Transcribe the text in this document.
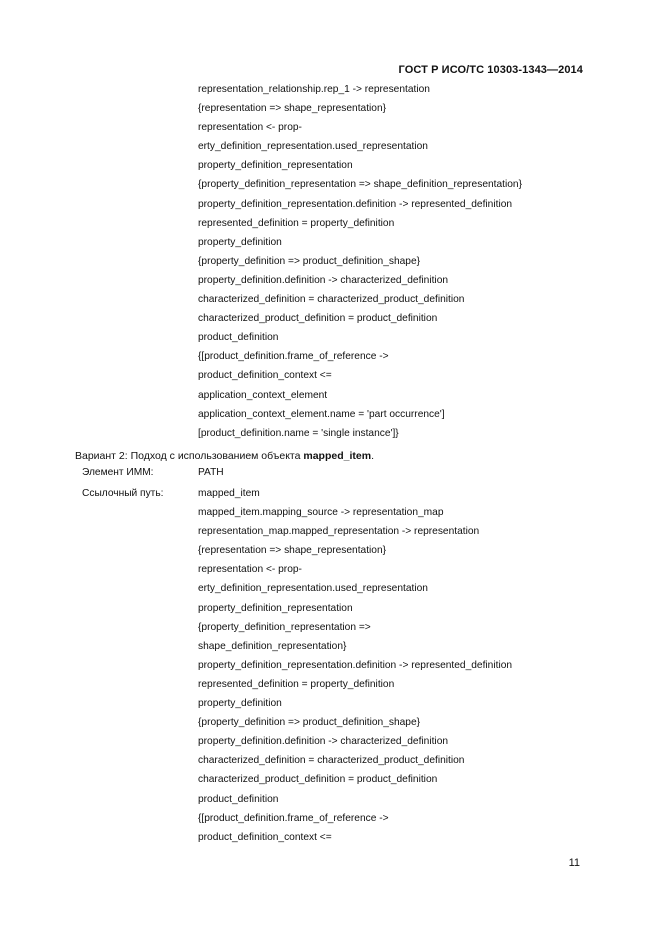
ГОСТ Р ИСО/ТС 10303-1343—2014
representation_relationship.rep_1 -> representation
{representation => shape_representation}
representation <- prop-
erty_definition_representation.used_representation
property_definition_representation
{property_definition_representation => shape_definition_representation}
property_definition_representation.definition -> represented_definition
represented_definition = property_definition
property_definition
{property_definition => product_definition_shape}
property_definition.definition -> characterized_definition
characterized_definition = characterized_product_definition
characterized_product_definition = product_definition
product_definition
{[product_definition.frame_of_reference ->
product_definition_context <=
application_context_element
application_context_element.name = 'part occurrence']
[product_definition.name = 'single instance']}
Вариант 2: Подход с использованием объекта mapped_item.
Элемент ИММ:	PATH
Ссылочный путь:	mapped_item
mapped_item.mapping_source -> representation_map
representation_map.mapped_representation -> representation
{representation => shape_representation}
representation <- prop-
erty_definition_representation.used_representation
property_definition_representation
{property_definition_representation =>
shape_definition_representation}
property_definition_representation.definition -> represented_definition
represented_definition = property_definition
property_definition
{property_definition => product_definition_shape}
property_definition.definition -> characterized_definition
characterized_definition = characterized_product_definition
characterized_product_definition = product_definition
product_definition
{[product_definition.frame_of_reference ->
product_definition_context <=
11
